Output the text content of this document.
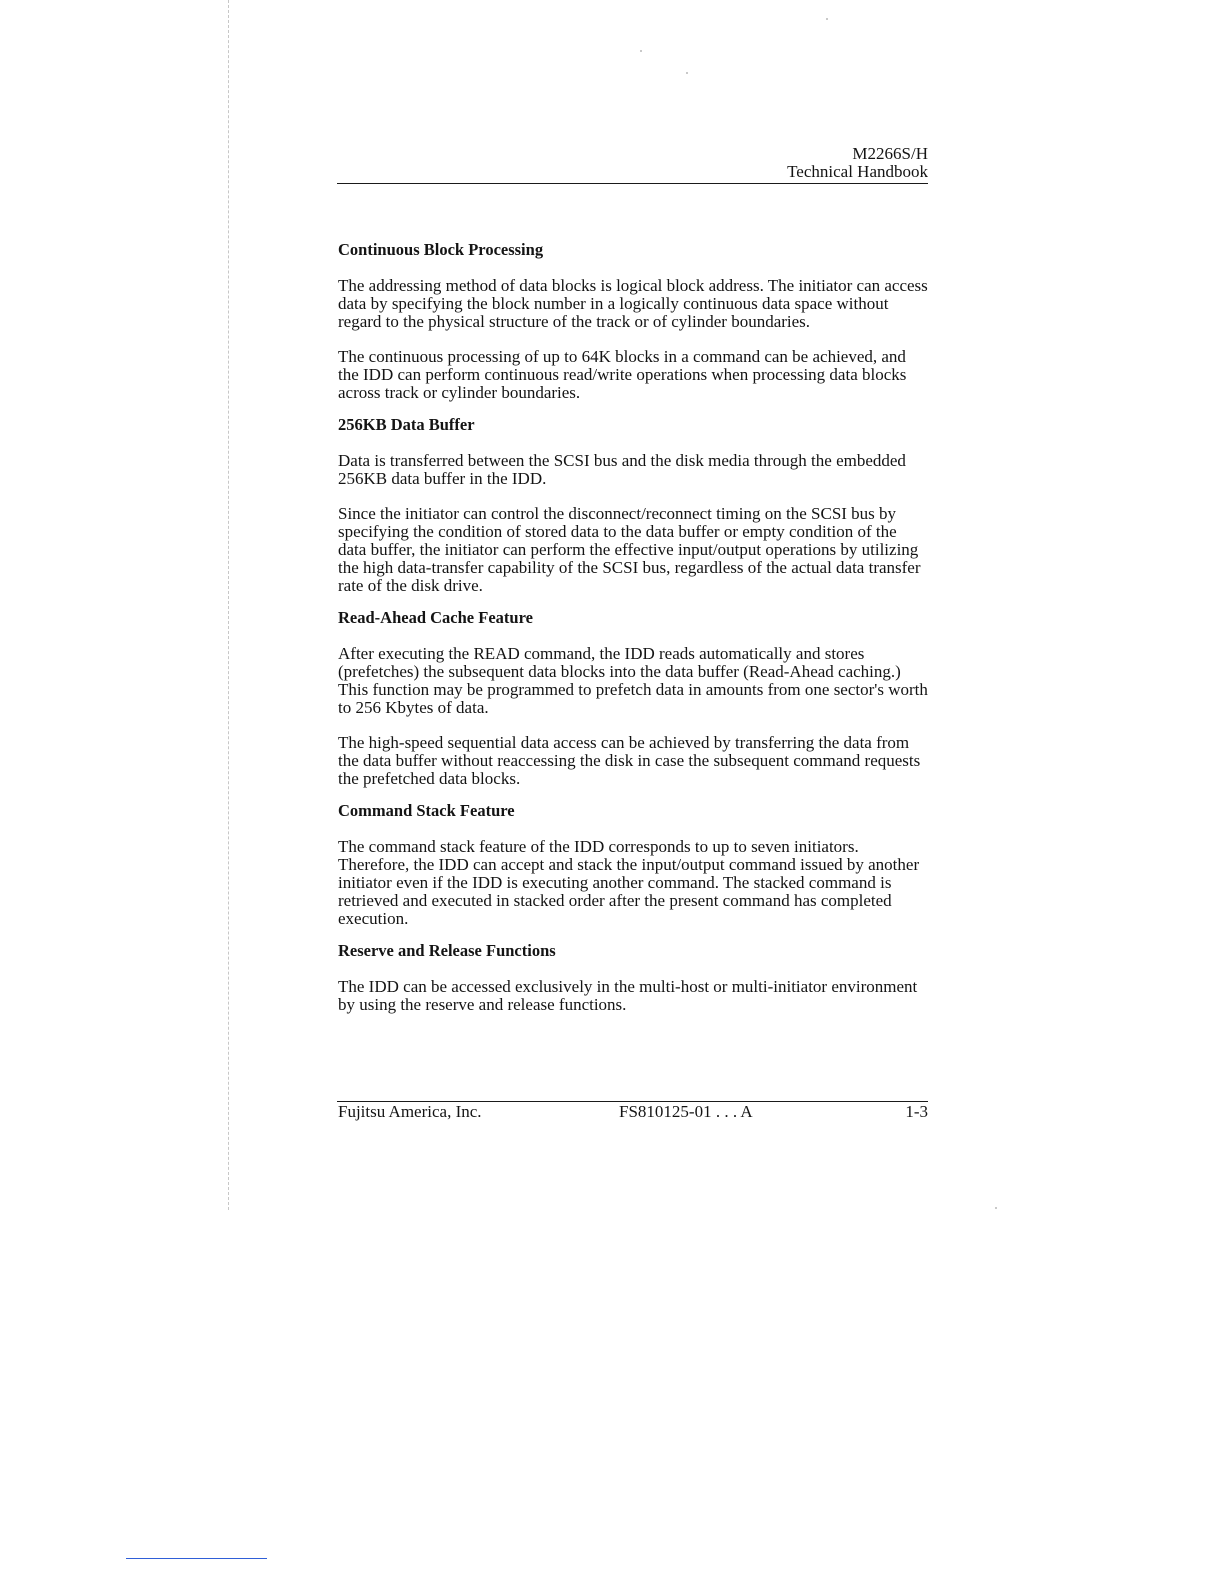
M2266S/H
Technical Handbook
Continuous Block Processing

The addressing method of data blocks is logical block address. The initiator can access data by specifying the block number in a logically continuous data space without regard to the physical structure of the track or of cylinder boundaries.

The continuous processing of up to 64K blocks in a command can be achieved, and the IDD can perform continuous read/write operations when processing data blocks across track or cylinder boundaries.

256KB Data Buffer

Data is transferred between the SCSI bus and the disk media through the embedded 256KB data buffer in the IDD.

Since the initiator can control the disconnect/reconnect timing on the SCSI bus by specifying the condition of stored data to the data buffer or empty condition of the data buffer, the initiator can perform the effective input/output operations by utilizing the high data-transfer capability of the SCSI bus, regardless of the actual data transfer rate of the disk drive.

Read-Ahead Cache Feature

After executing the READ command, the IDD reads automatically and stores (prefetches) the subsequent data blocks into the data buffer (Read-Ahead caching.) This function may be programmed to prefetch data in amounts from one sector's worth to 256 Kbytes of data.

The high-speed sequential data access can be achieved by transferring the data from the data buffer without reaccessing the disk in case the subsequent command requests the prefetched data blocks.

Command Stack Feature

The command stack feature of the IDD corresponds to up to seven initiators. Therefore, the IDD can accept and stack the input/output command issued by another initiator even if the IDD is executing another command. The stacked command is retrieved and executed in stacked order after the present command has completed execution.

Reserve and Release Functions

The IDD can be accessed exclusively in the multi-host or multi-initiator environment by using the reserve and release functions.

Fujitsu America, Inc.	FS810125-01 . . . A	1-3
